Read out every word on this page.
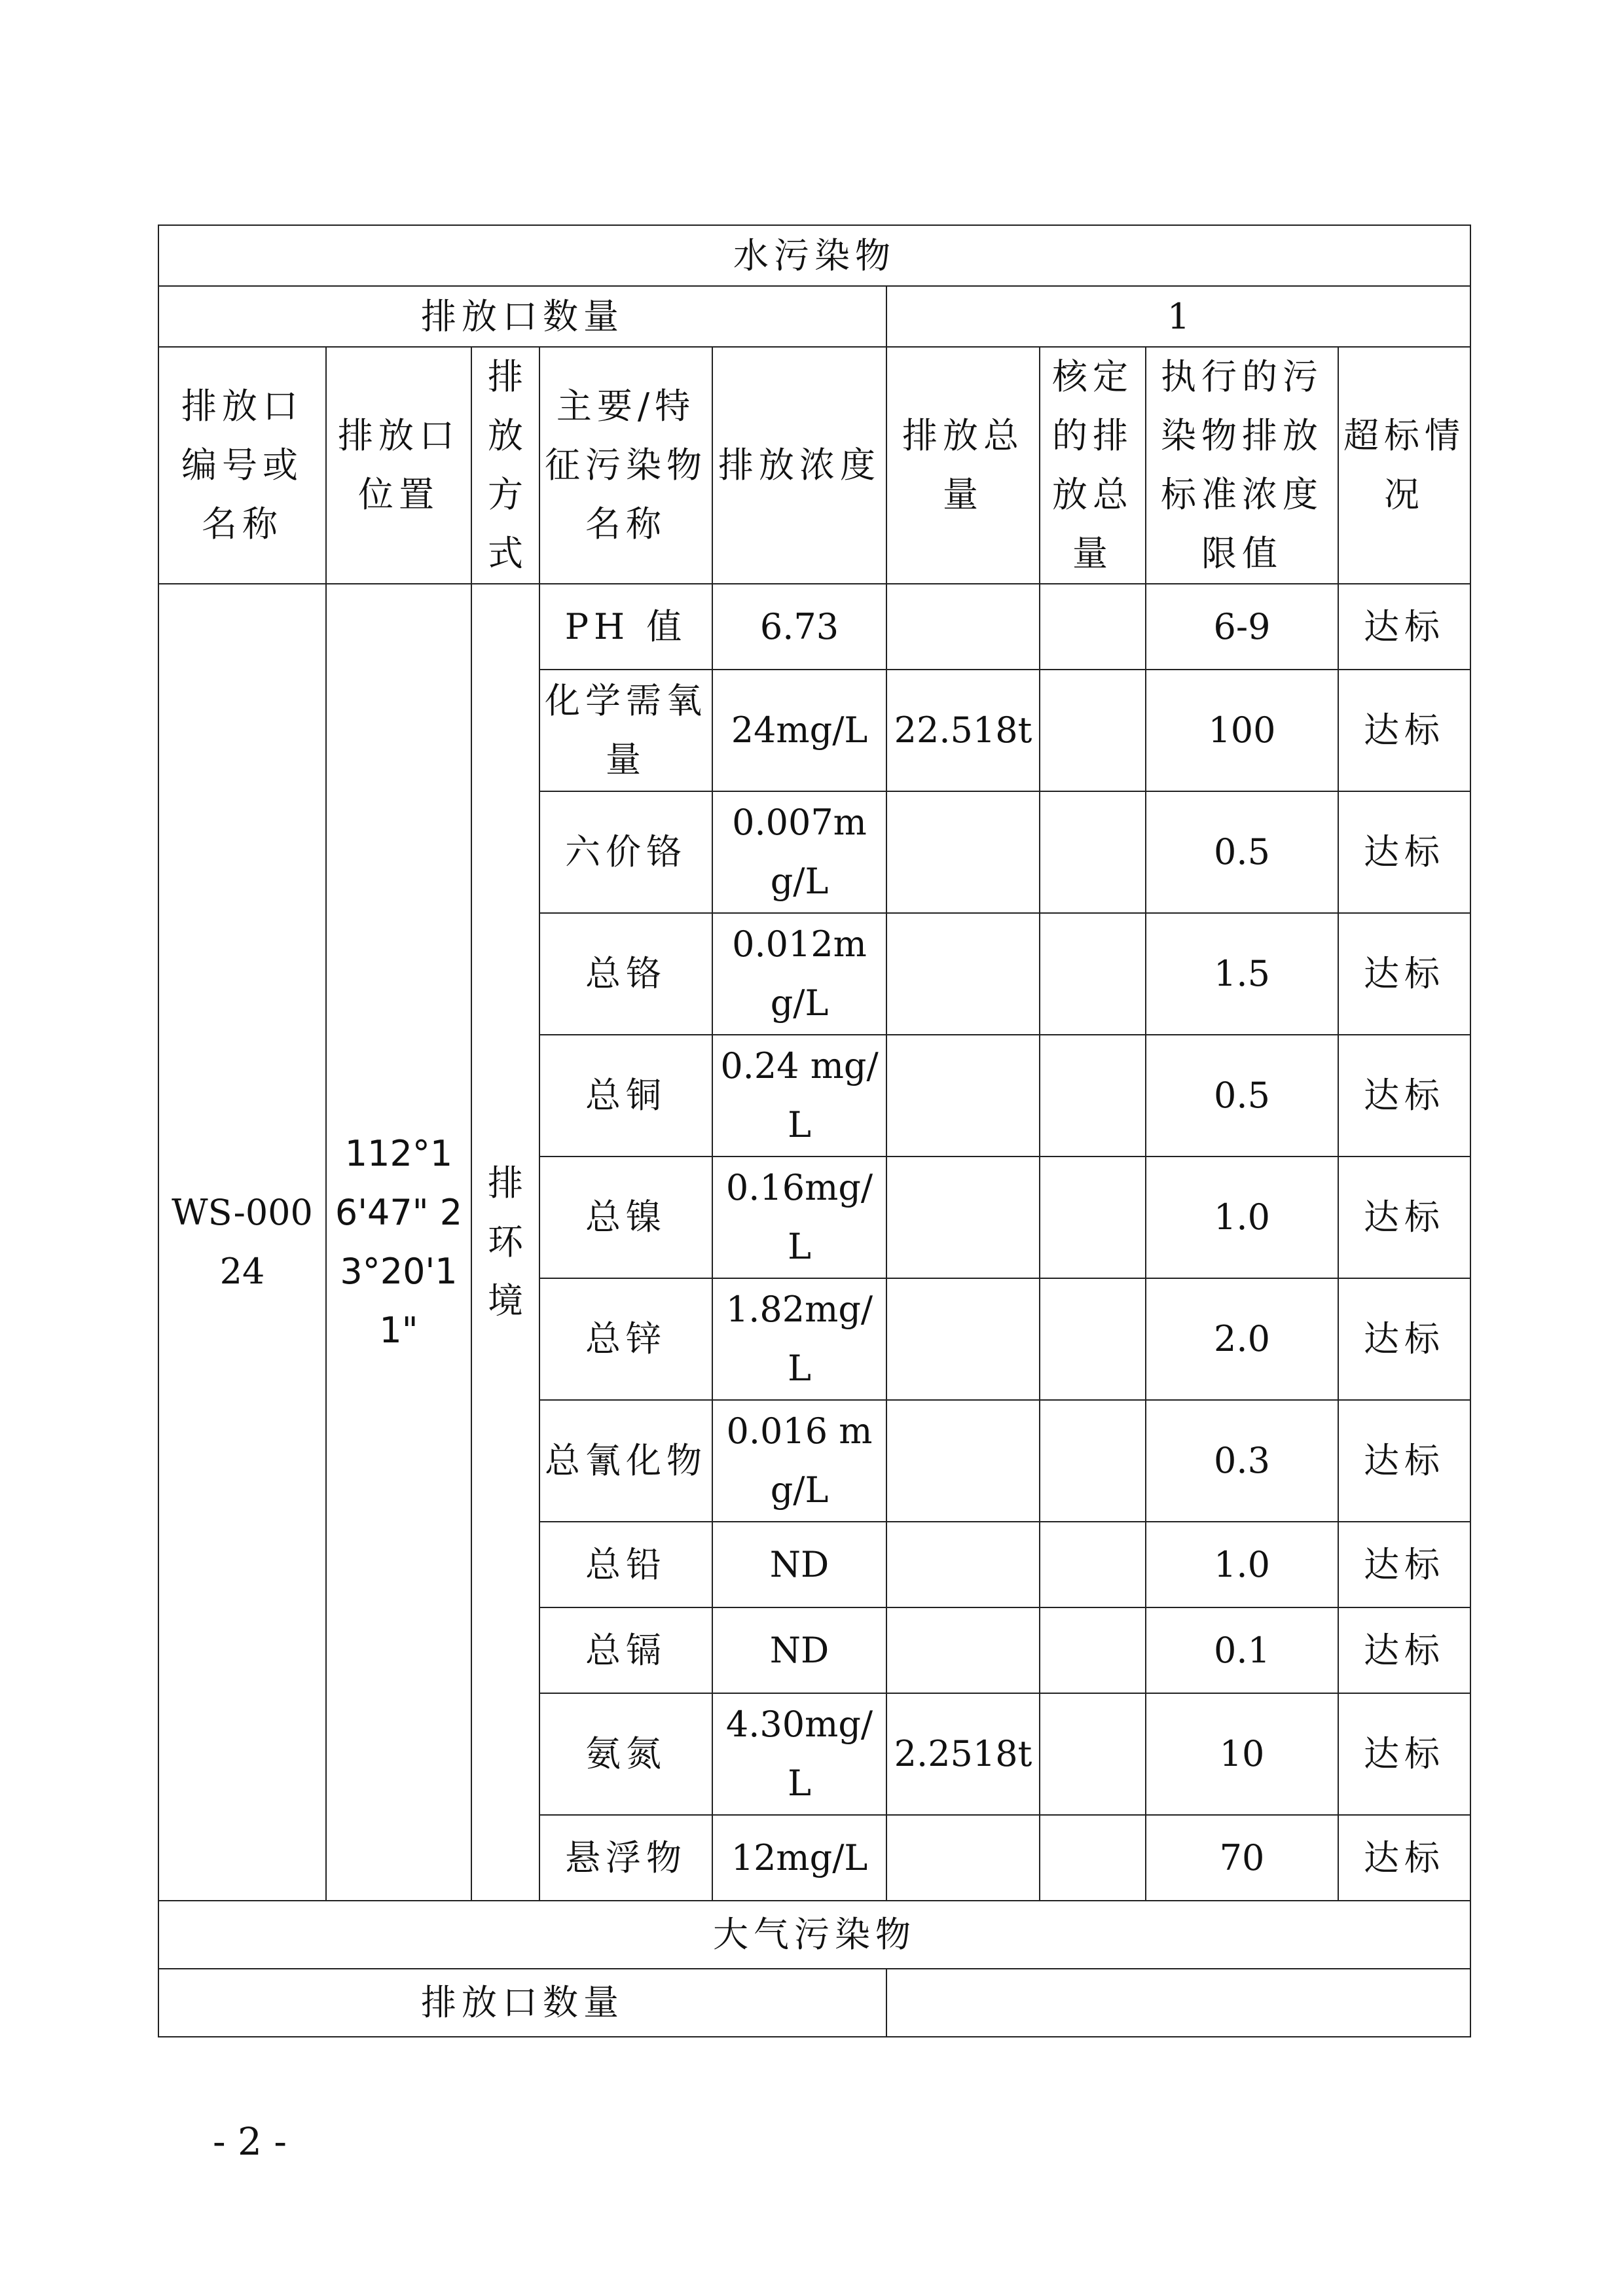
水污染物								
排放口数量					1			
排放口编号或名称	排放口位置	排放方式	主要/特征污染物名称	排放浓度	排放总量	核定的排放总量	执行的污染物排放标准浓度限值	超标情况
WS-00024	112°16'47" 23°20'11"	排环境	PH 值	6.73			6-9	达标
			化学需氧量	24mg/L	22.518t		100	达标
			六价铬	0.007mg/L			0.5	达标
			总铬	0.012mg/L			1.5	达标
			总铜	0.24 mg/L			0.5	达标
			总镍	0.16mg/L			1.0	达标
			总锌	1.82mg/L			2.0	达标
			总氰化物	0.016 mg/L			0.3	达标
			总铅	ND			1.0	达标
			总镉	ND			0.1	达标
			氨氮	4.30mg/L	2.2518t		10	达标
			悬浮物	12mg/L			70	达标
大气污染物								
排放口数量								
- 2 -
